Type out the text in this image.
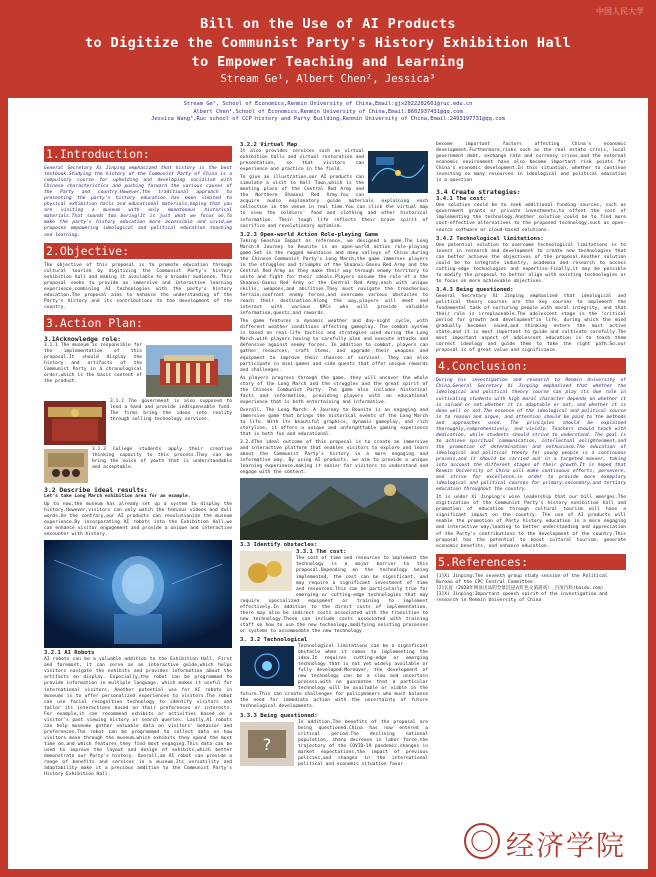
Bill on the Use of AI Products
to Digitize the Communist Party's History Exhibition Hall
to Empower Teaching and Learning
Stream Ge¹, Albert Chen², Jessica³
中国人民大学
Stream Ge¹, School of Economics,Renmin University of China,Email:gjx2022202601@ruc.edu.cn
Albert Chen²,School of Economics,Renmin University of China,Email:8602937431@qq.com
Jessica Wang³,Ruc school of CCP history and Party Building,Renmin University of China,Email:2493197731@qq.com
1.Introduction:

General Secretary Xi Jinping emphasized that history is the best textbook.Studying the history of the Communist Party of China is a compulsory course for upholding and developing socialism with Chinese characteristics and pushing forward the various causes of the Party and country.However,the traditional approach to presenting the party's history education has been limited to physical exhibition halls and educational materials,hoping that you are visiting a museum with only monotonous historical materials.That sounds too boring!It is just what we focus on.To make the party's history education more accessible and vivid,we proposes empowering ideological and political education teaching and learning.

2.Objective:

The objective of this proposal is to promote education through cultural tourism by digitizing the Communist Party's history exhibition hall and making it available to a broader audience. This proposal seeks to provide an immersive and interactive learning experience,combining AI technologies with the party's history education.The proposal aims to enhance the understanding of the Party's history and its contributions to the development of the country.

3.Action Plan:
3.1Acknowledge role:

3.1.1 The museum is responsible for the implementation of this proposal.It should display the history and artifacts of the Communist Party in a chronological order,which is the basic content of the product.

3.1.2 The government is also supposed to lend a hand and provide indispensable fund. The firms bring the ideas into reality through selling technology services.

3.1.3 College students apply their creative thinking capacity to this process.They can be bring the voice of youth that is understandable and acceptable.

3.2 Describe ideal results:

Let's take Long March exhibition area for an example.

Up to now,the museum has already set up a system to display the history.However,visitors can only watch the tedious videos and dull words.On the contrary,our AI products can revolutionize the museum experience.By incorporating AI robots into the Exhibition Hall,we can enhance visitor engagement and provide a unique and interactive encounter with history.

3.2.1 AI Robots

AI robots can be a valuable addition to the Exhibition Hall. First and foremost, it can serve as an interactive guide,which helps visitors navigate the exhibits and provides information about the artifacts on display. Especially,the robot can be programmed to provide information in multiple language, which makes it useful for international visitors. Another potential use for AI robots in museums is to offer personalized experiences to visitors.The robot can use facial recognition technology to identify visitors and tailor its interactions based on their preferences or interests. For example,it can recommend exhibits or activities based on a visitor's past viewing history or search queries. Lastly,AI robots can help museums gather valuable data on visitors' behavior and preferences.The robot can be programmed to collect data on how visitors move through the museum,which exhibits they spend the most time on,and which features they find most engaging.This data can be used to improve the layout and design of exhibits,which better demonstrate our Party's history. Overall,an AI robot can provide a range of benefits and services in a museum.Its versatility and adaptability make it a precious addition to the Communist Party's History Exhibition Hall.

3.2.2 Virtual Map

It also provides services such as virtual exhibition halls and virtual restoration and presentation, so that visitors can experience and practice in the field.

To give an illustration,our AI products can simulate a visit to Hall Town,which is the meeting place of the Central Red Army and the Northern Shaanxi Red Army.You can acquire audio explanatory guide materials explaining each collection in the venue in real time.You can click the virtual map to view the soldiers' food and clothing and other historical information. Their tough life reflects their brave spirit of sacrifice and revolutionary optimism.

3.2.3 Open-world Action Role-playing Game

Taking Genshin Impact as reference, we designed a game.The Long March:A Journey to Reunite is an open-world action role-playing game.Set in the rugged mountains and deep valleys of China during the Chinese Communist Party's Long March,the game immerses players in the struggles and triumphs of the Shaanxi-Gansu Red Army and the Central Red Army as they make their way through enemy territory to unite and fight for their ideals.Players assume the role of a the Shaanxi-Gansu Red Army or the Central Red Army,each with unique skills, weapons,and abilities.They must navigate the treacherous terrain,confront enemy forces,and overcome various obstacles to reach their destination.Along the way,players will meet and interact with various NPCs who will provide valuable information,quests,and rewards.

The game features a dynamic weather and day-night cycle, with different weather conditions affecting gameplay. The combat system is based on real-life tactics and strategies used during the Long March,with players having to carefully plan and execute attacks and defensive against enemy forces. In addition to combat, players can gather resources, craft items, and upgrade their weapons and equipment to improve their chances of survival. They can also participate in mini-games and side quests that offer unique rewards and challenges.

As players progress through the game, they will uncover the whole story of the Long March and the struggles and the great spirit of the Chinese Communist Party. The game also includes historical facts and information, providing players with an educational experience that is both entertaining and informative.

Overall, The Long March: A Journey to Reunite is an engaging and immersive game that brings the historical events of the Long March to life. With its beautiful graphics, dynamic gameplay, and rich storyline, it offers a unique and unforgettable gaming experience that is both fun and educational.

3.2.4The ideal outcome of this proposal is to create an immersive and interactive platform that enables visitors to explore and learn about the Communist Party's history in a more engaging and informative way. By using AI products, we aim to provide a unique learning experience,making it easier for visitors to understand and engage with the content.

3.3 Identify obstacles:
3.3.1 The cost:

The cost of time and resources to implement the technology is a major barrier to this proposal.Depending on the technology being implemented, the cost can be significant, and may require a significant investment of time and resources.This can be particularly true for emerging or cutting-edge technologies that may require specialized equipment or training to implement effectively.In addition to the direct costs of implementation, there may also be indirect costs associated with the transition to new technology.These can include costs associated with training staff on how to use the new technology,modifying existing processes or systems to accommodate the new technology.

3. 3.2 Technological

Technological limitations can be a significant obstacle when it comes to implementing the idea.It requires cutting-edge or emerging technology that is not yet widely available or fully developed.Moreover, the development of new technology can be a slow and uncertain process,with no guarantee that a particular technology will be available or viable in the future.This can create challenges for policymakers who must balance the need for immediate action with the uncertainty of future technological developments.

3.3.3 Being questioned:
?

In addition,The benefits of the proposal are being questioned.China has now entered a critical period.The declining national population, sharp decrease in labor force,the trajectory of the COVID-19 pandemic,changes in market expectations,the impact of previous policies,and changes in the international political and economic situation favor

become important factors affecting China's economic development.Furthermore,risks such as the real estate crisis, local government debt, exchange rate and currency crises,and the external economic environment have also become important risk points for China's economic development.In this situation, whether to continue investing so many resources in ideological and political education is a question

3.4 Create strategies:
3.4.1 The cost:

One solution could be to seek additional funding sources, such as government grants or private investments,to offset the cost of implementing the technology.Another solution could be to find more cost-effective alternatives to the proposed technology,such as open-source software or cloud-based solutions.

3.4.2 Technological limitations:

One potential solution to overcome technological limitations is to invest in research and development to create new technologies that can better achieve the objectives of the proposal.Another solution could be to integrate industry, academia and research to access cutting-edge technologies and expertise.Finally,it may be possible to modify the proposal to better align with existing technologies or to focus on more achievable objectives.

3.4.3 Being questioned:

General Secretary Xi Jinping emphasized that ideological and political theory courses are the key courses to implement the fundamental task of nurturing people with moral integrity, and that their role is irreplaceable.The adolescent stage is the "critical period for growth and development"in life, during which the mind gradually becomes sound,and thinking enters the most active state,and it is most important to guide and cultivate carefully.The most important aspect of adolescent education is to teach them correct ideology and guide them to take the right path.So,our proposal is of great value and significance.

4.Conclusion:

During his investigation and research to Renmin University of China,General Secretary Xi Jinping emphasized that whether the ideological and political theory course can play its due role in cultivating students with high moral character depends on whether it is valued or not,whether it is adaptable or not, and whether it is done well or not.The essence of the ideological and political course is to reason and argue, and attention should be paid to the methods and approaches used. The principles should be explained thoroughly,comprehensively, and vividly. Teachers should teach with dedication, while students should strive to understand. The goal is to achieve spiritual communication, intellectual enlightenment,and the promotion of determination and enthusiasm.The education of ideological and political theory for young people is a continuous process,and it should be carried out in a targeted manner, taking into account the different stages of their growth.It is hoped that Renmin University of China will make continuous efforts, persevere, and strive for excellence,in order to provide more exemplary ideological and political courses for primary,secondary,and tertiary education throughout the country.

It is under Xi Jinping's wise leadership that our bill emerges.The digitization of the Communist Party's history exhibition hall and promotion of education through cultural tourism will have a significant impact on the country. The use of AI products will enable the promotion of Party history education in a more engaging and interactive way,leading to better understanding and appreciation of the Party's contributions to the development of the country.This proposal has the potential to boost cultural tourism, generate economic benefits, and enhance education.

5.References:
[1]Xi Jinping:The seventh group study session of the Political Bureau of the CPC Central Committee.
[2]长征（2020年网易出品的全景沉浸式红色文旅游戏）_百度百科(baidu.com)
[3]Xi Jinping:Important speech spirit of the investigation and research in Renmin University of China
经济学院
